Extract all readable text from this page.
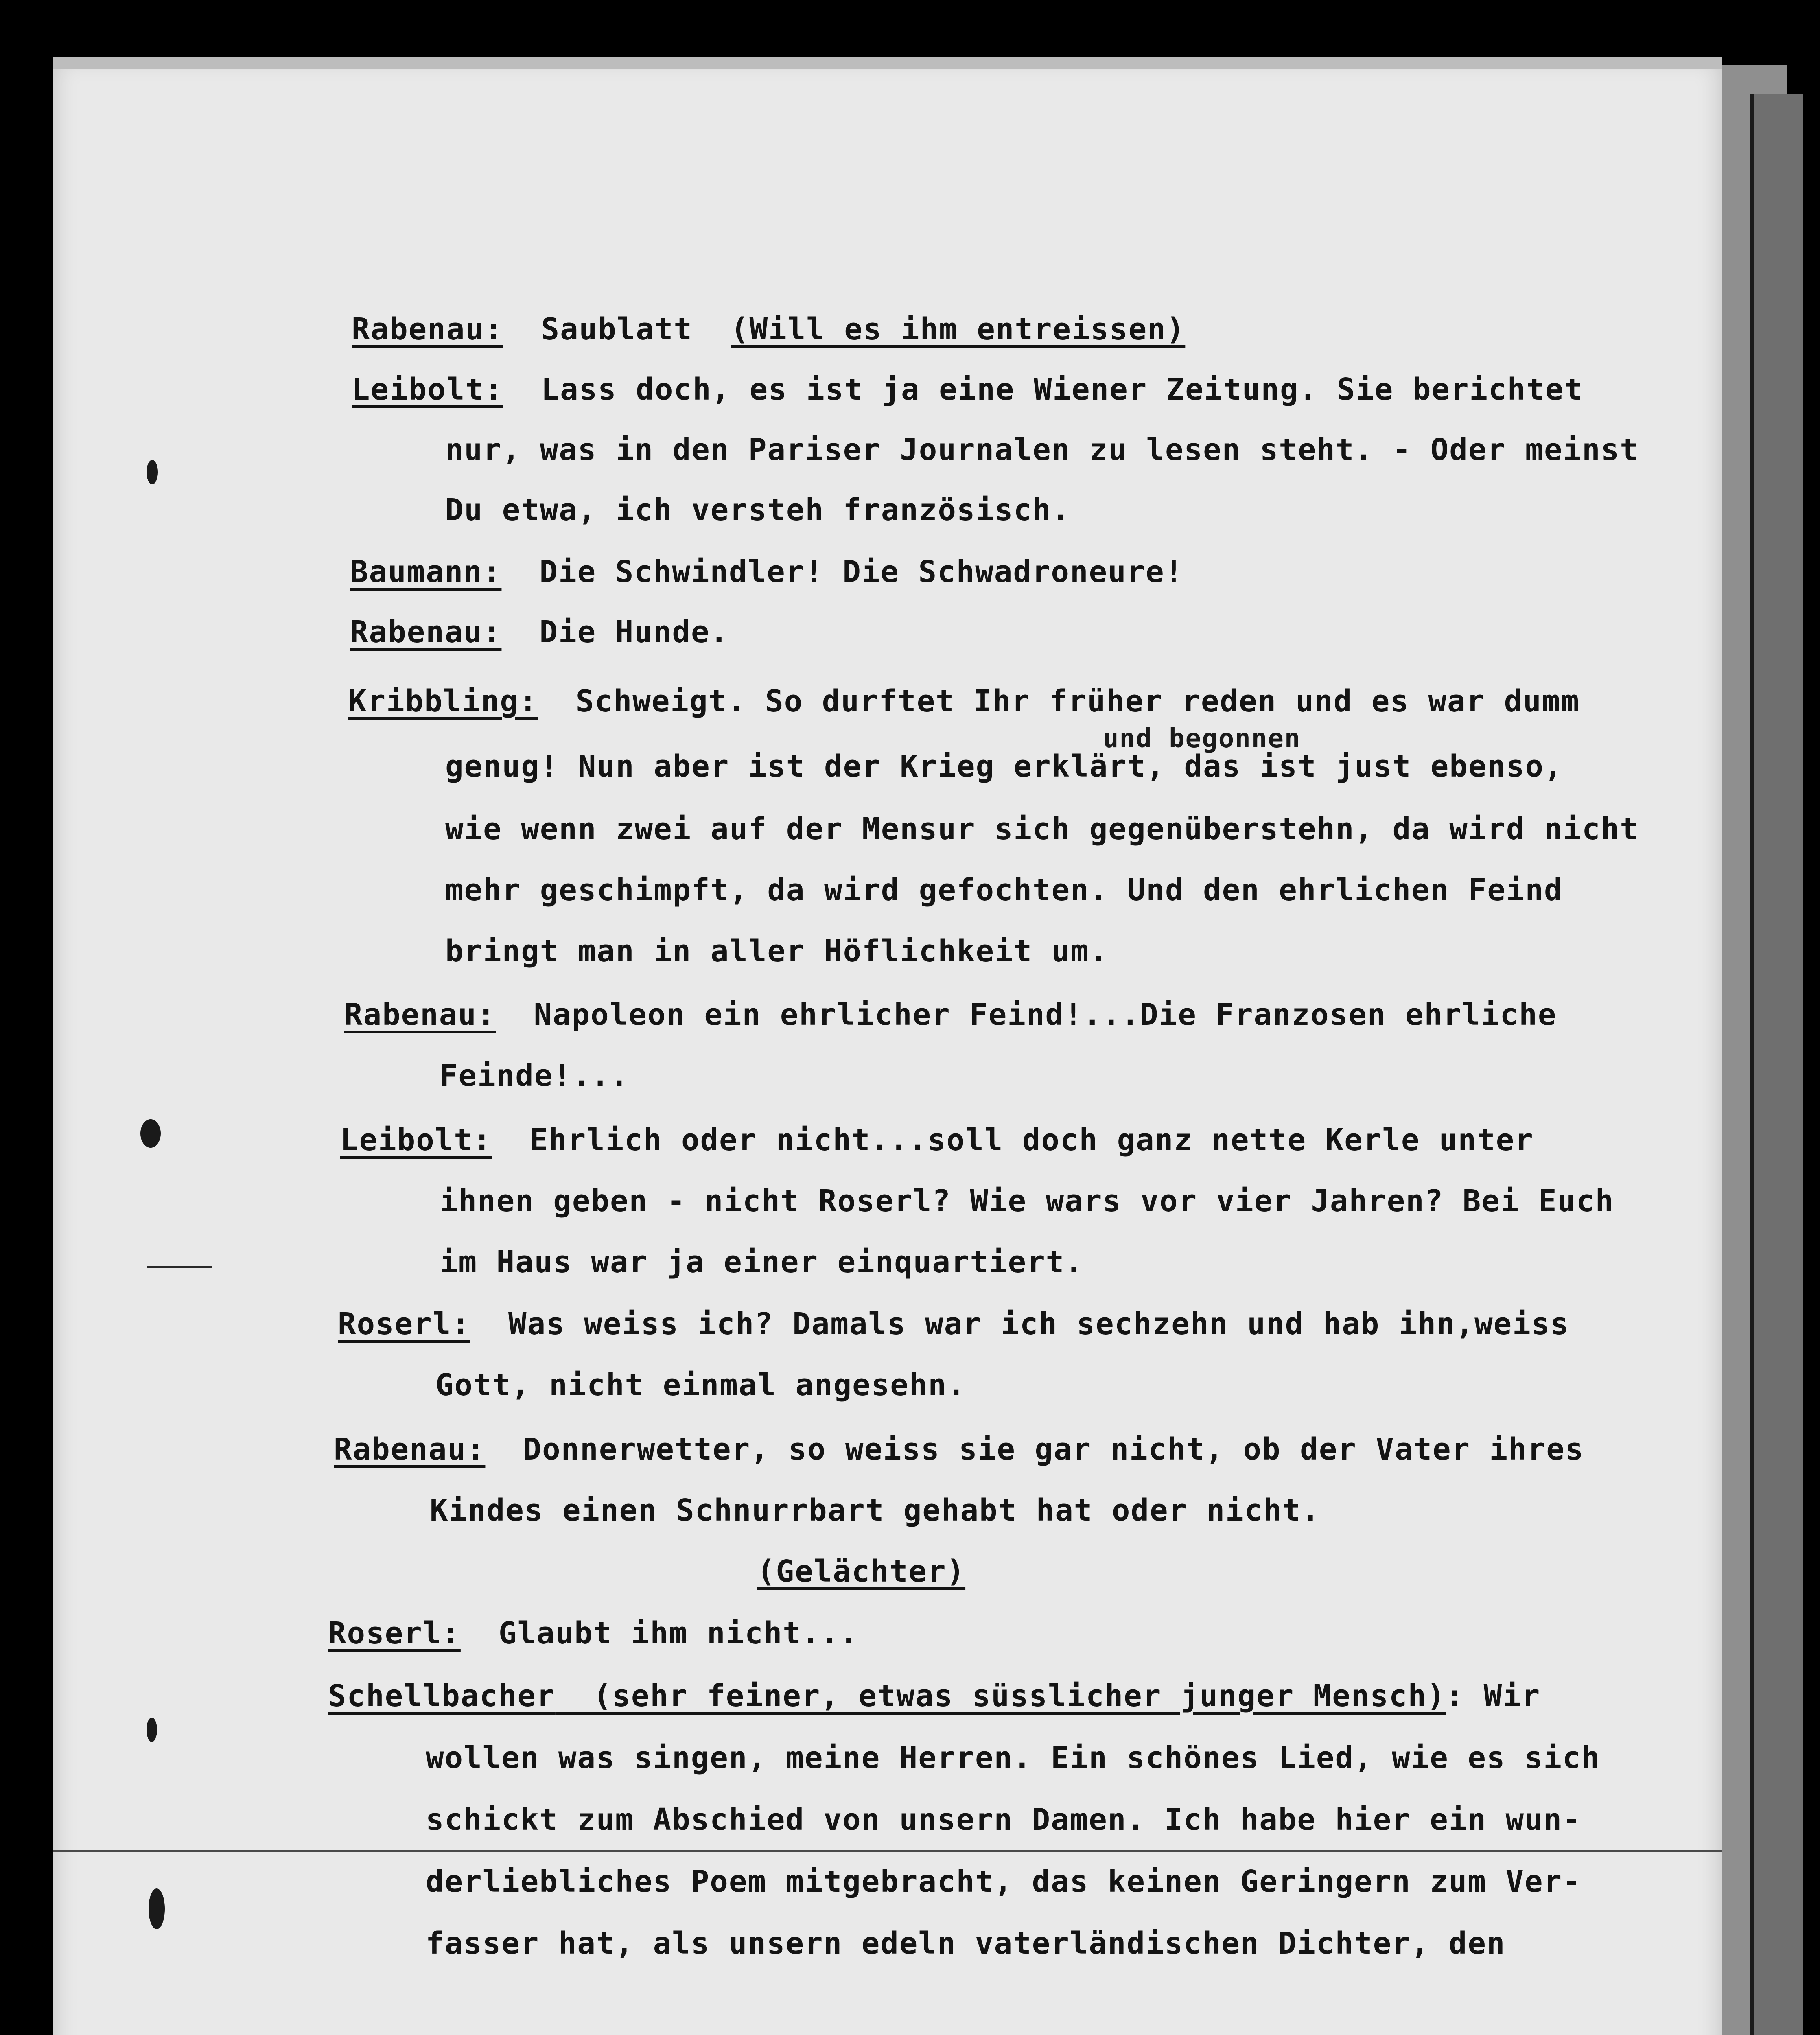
Rabenau:  Saublatt  (Will es ihm entreissen)
Leibolt:  Lass doch, es ist ja eine Wiener Zeitung. Sie berichtet
nur, was in den Pariser Journalen zu lesen steht. - Oder meinst
Du etwa, ich versteh französisch.
Baumann:  Die Schwindler! Die Schwadroneure!
Rabenau:  Die Hunde.
Kribbling:  Schweigt. So durftet Ihr früher reden und es war dumm
und begonnen
genug! Nun aber ist der Krieg erklärt, das ist just ebenso,
wie wenn zwei auf der Mensur sich gegenüberstehn, da wird nicht
mehr geschimpft, da wird gefochten. Und den ehrlichen Feind
bringt man in aller Höflichkeit um.
Rabenau:  Napoleon ein ehrlicher Feind!...Die Franzosen ehrliche
Feinde!...
Leibolt:  Ehrlich oder nicht...soll doch ganz nette Kerle unter
ihnen geben - nicht Roserl? Wie wars vor vier Jahren? Bei Euch
im Haus war ja einer einquartiert.
Roserl:  Was weiss ich? Damals war ich sechzehn und hab ihn,weiss
Gott, nicht einmal angesehn.
Rabenau:  Donnerwetter, so weiss sie gar nicht, ob der Vater ihres
Kindes einen Schnurrbart gehabt hat oder nicht.
(Gelächter)
Roserl:  Glaubt ihm nicht...
Schellbacher  (sehr feiner, etwas süsslicher junger Mensch): Wir
wollen was singen, meine Herren. Ein schönes Lied, wie es sich
schickt zum Abschied von unsern Damen. Ich habe hier ein wun-
derliebliches Poem mitgebracht, das keinen Geringern zum Ver-
fasser hat, als unsern edeln vaterländischen Dichter, den
